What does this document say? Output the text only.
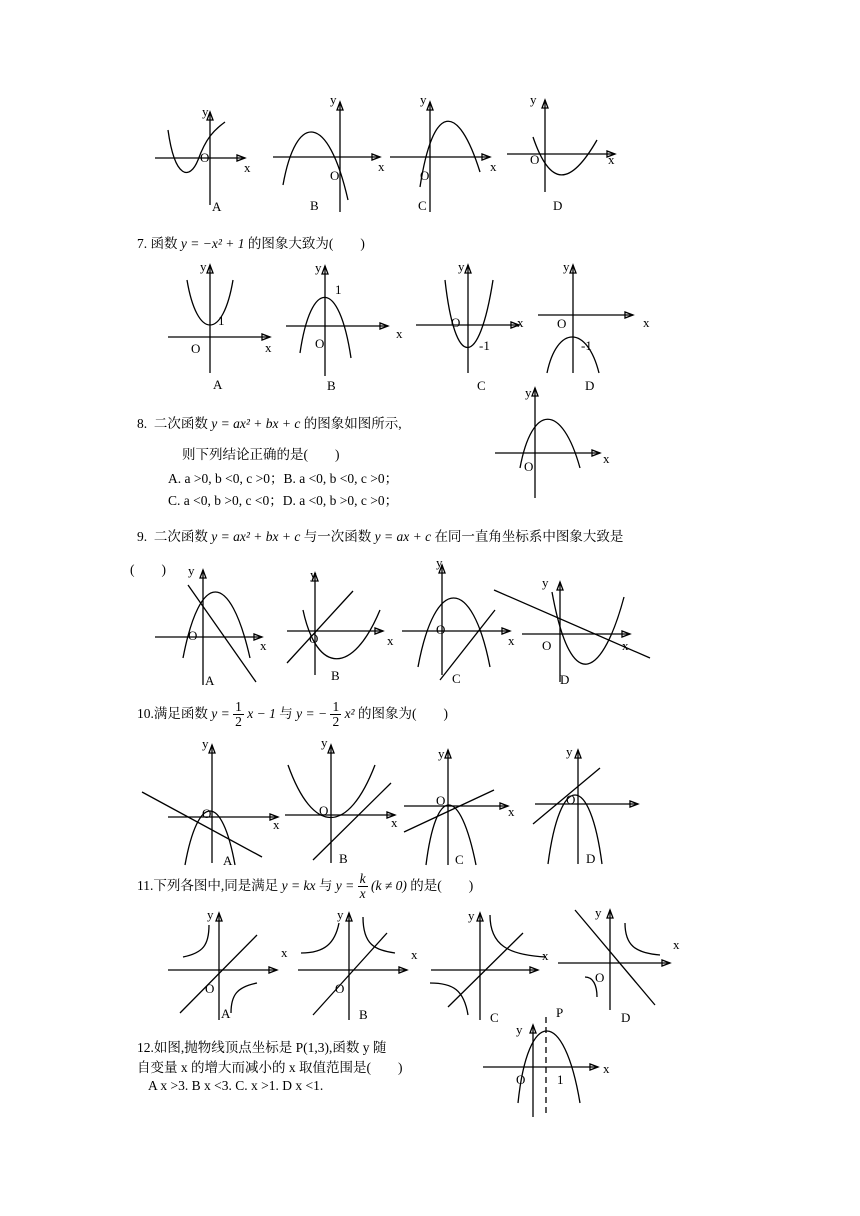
y
x
O
A
y
x
O
B
y
x
O
C
y
x
O
D
7. 函数 y = −x² + 1 的图象大致为(　　)
y
x
O
1
A
y
x
O
1
B
y
x
O
-1
C
y
x
O
-1
D
8. 二次函数 y = ax² + bx + c 的图象如图所示,
则下列结论正确的是(　　)
A. a >0, b <0, c >0；B. a <0, b <0, c >0；
C. a <0, b >0, c <0；D. a <0, b >0, c >0；
y
x
O
9. 二次函数 y = ax² + bx + c 与一次函数 y = ax + c 在同一直角坐标系中图象大致是
(　　) y
x
O
A
y
x
O
B
y
x
O
C
y
x
O
D
10.满足函数 $y = \frac{1}{2}$ x − 1 与 y = − $\frac{1}{2} x^2$ 的图象为(　　)
y
x
O
A
y
x
O
B
y
x
O
C
y
O
D
11.下列各图中,同是满足 y = kx 与 $y = \frac{k}{x} (k \ne 0)$ 的是(　　)
y
x
O
A
y
x
O
B
y
x
C
y
x
O
D
12.如图,抛物线顶点坐标是 P(1,3),函数 y 随
自变量 x 的增大而减小的 x 取值范围是(　　)
A x >3. B x <3. C. x >1. D x <1.
y
x
O
P
1
